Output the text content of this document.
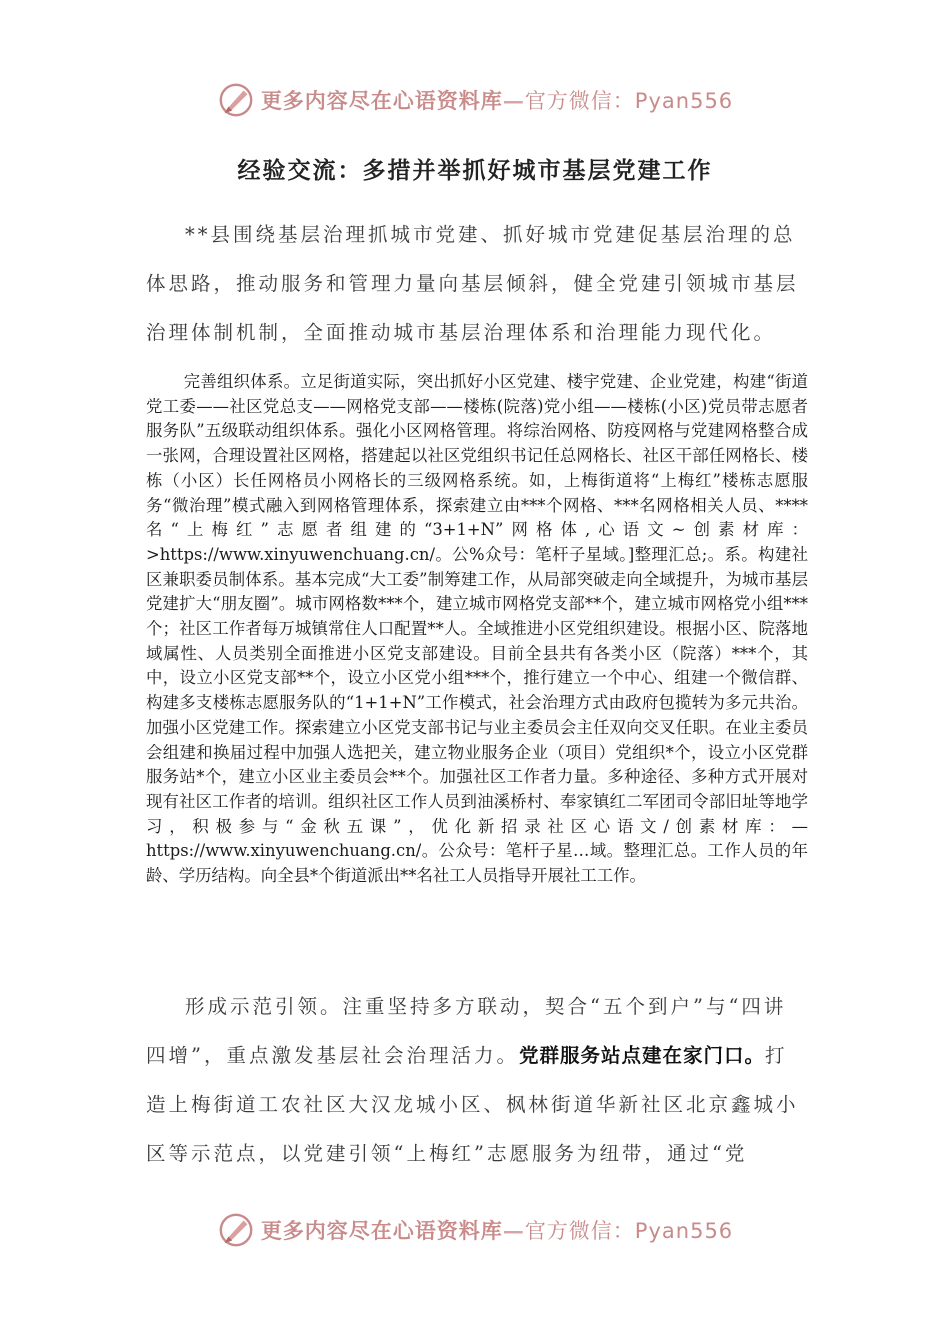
更多内容尽在心语资料库—官方微信：Pyan556
经验交流：多措并举抓好城市基层党建工作

**县围绕基层治理抓城市党建、抓好城市党建促基层治理的总体思路，推动服务和管理力量向基层倾斜，健全党建引领城市基层治理体制机制，全面推动城市基层治理体系和治理能力现代化。

完善组织体系。立足街道实际，突出抓好小区党建、楼宇党建、企业党建，构建“街道党工委——社区党总支——网格党支部——楼栋(院落)党小组——楼栋(小区)党员带志愿者服务队”五级联动组织体系。强化小区网格管理。将综治网格、防疫网格与党建网格整合成一张网，合理设置社区网格，搭建起以社区党组织书记任总网格长、社区干部任网格长、楼栋（小区）长任网格员小网格长的三级网格系统。如，上梅街道将“上梅红”楼栋志愿服务“微治理”模式融入到网格管理体系，探索建立由***个网格、***名网格相关人员、****名“上梅红”志愿者组建的“3+1+N”网格体,心语文~创素材库：>https://www.xinyuwenchuang.cn/。公%众号：笔杆子星域。]整理汇总;。系。构建社区兼职委员制体系。基本完成“大工委”制筹建工作，从局部突破走向全域提升，为城市基层党建扩大“朋友圈”。城市网格数***个，建立城市网格党支部**个，建立城市网格党小组***个；社区工作者每万城镇常住人口配置**人。全域推进小区党组织建设。根据小区、院落地域属性、人员类别全面推进小区党支部建设。目前全县共有各类小区（院落）***个，其中，设立小区党支部**个，设立小区党小组***个，推行建立一个中心、组建一个微信群、构建多支楼栋志愿服务队的“1+1+N”工作模式，社会治理方式由政府包揽转为多元共治。加强小区党建工作。探索建立小区党支部书记与业主委员会主任双向交叉任职。在业主委员会组建和换届过程中加强人选把关，建立物业服务企业（项目）党组织*个，设立小区党群服务站*个，建立小区业主委员会**个。加强社区工作者力量。多种途径、多种方式开展对现有社区工作者的培训。组织社区工作人员到油溪桥村、奉家镇红二军团司令部旧址等地学习，积极参与“金秋五课”，优化新招录社区心语文/创素材库：—https://www.xinyuwenchuang.cn/。公众号：笔杆子星…域。整理汇总。工作人员的年龄、学历结构。向全县*个街道派出**名社工人员指导开展社工工作。

形成示范引领。注重坚持多方联动，契合“五个到户”与“四讲四增”，重点激发基层社会治理活力。党群服务站点建在家门口。打造上梅街道工农社区大汉龙城小区、枫林街道华新社区北京鑫城小区等示范点，以党建引领“上梅红”志愿服务为纽带，通过“党

更多内容尽在心语资料库—官方微信：Pyan556
